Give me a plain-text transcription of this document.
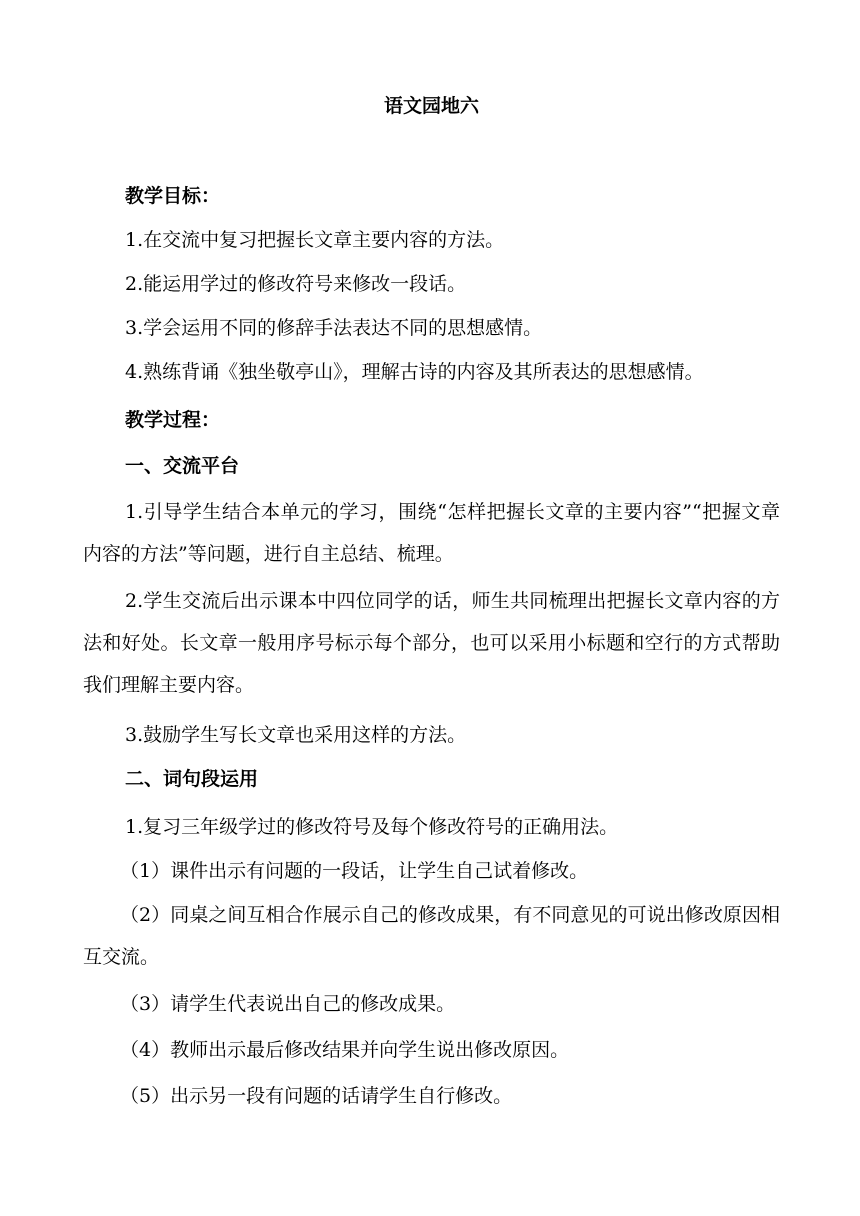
语文园地六
教学目标：
1.在交流中复习把握长文章主要内容的方法。
2.能运用学过的修改符号来修改一段话。
3.学会运用不同的修辞手法表达不同的思想感情。
4.熟练背诵《独坐敬亭山》，理解古诗的内容及其所表达的思想感情。
教学过程：
一、交流平台
1.引导学生结合本单元的学习，围绕“怎样把握长文章的主要内容”“把握文章内容的方法”等问题，进行自主总结、梳理。
2.学生交流后出示课本中四位同学的话，师生共同梳理出把握长文章内容的方法和好处。长文章一般用序号标示每个部分，也可以采用小标题和空行的方式帮助我们理解主要内容。
3.鼓励学生写长文章也采用这样的方法。
二、词句段运用
1.复习三年级学过的修改符号及每个修改符号的正确用法。
（1）课件出示有问题的一段话，让学生自己试着修改。
（2）同桌之间互相合作展示自己的修改成果，有不同意见的可说出修改原因相互交流。
（3）请学生代表说出自己的修改成果。
（4）教师出示最后修改结果并向学生说出修改原因。
（5）出示另一段有问题的话请学生自行修改。
